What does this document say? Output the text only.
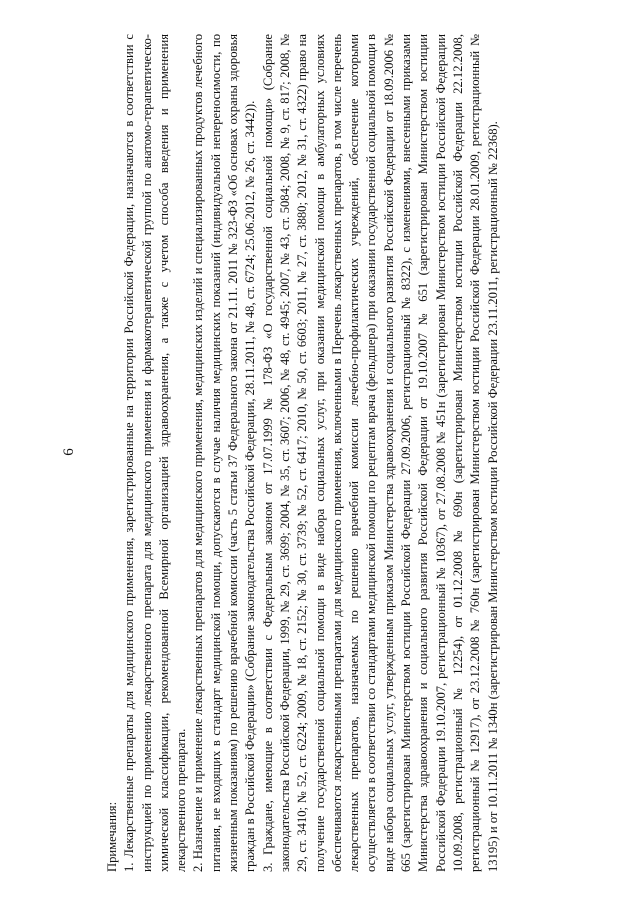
6
Примечания: 1. Лекарственные препараты для медицинского применения, зарегистрированные на территории Российской Федерации, назначаются в соответствии с инструкцией по применению лекарственного препарата для медицинского применения и фармакотерапевтической группой по анатомо-терапевтическо-химической классификации, рекомендованной Всемирной организацией здравоохранения, а также с учетом способа введения и применения лекарственного препарата. 2. Назначение и применение лекарственных препаратов для медицинского применения, медицинских изделий и специализированных продуктов лечебного питания, не входящих в стандарт медицинской помощи, допускаются в случае наличия медицинских показаний (индивидуальной непереносимости, по жизненным показаниям) по решению врачебной комиссии (часть 5 статьи 37 Федерального закона от 21.11. 2011 № 323-ФЗ «Об основах охраны здоровья граждан в Российской Федерации» (Собрание законодательства Российской Федерации, 28.11.2011, № 48, ст. 6724; 25.06.2012, № 26, ст. 3442)). 3. Граждане, имеющие в соответствии с Федеральным законом от 17.07.1999 № 178-ФЗ «О государственной социальной помощи» (Собрание законодательства Российской Федерации, 1999, № 29, ст. 3699; 2004, № 35, ст. 3607; 2006, № 48, ст. 4945; 2007, № 43, ст. 5084; 2008, № 9, ст. 817; 2008, № 29, ст. 3410; № 52, ст. 6224; 2009, № 18, ст. 2152; № 30, ст. 3739; № 52, ст. 6417; 2010, № 50, ст. 6603; 2011, № 27, ст. 3880; 2012, № 31, ст. 4322) право на получение государственной социальной помощи в виде набора социальных услуг, при оказании медицинской помощи в амбулаторных условиях обеспечиваются лекарственными препаратами для медицинского применения, включенными в Перечень лекарственных препаратов, в том числе перечень лекарственных препаратов, назначаемых по решению врачебной комиссии лечебно-профилактических учреждений, обеспечение которыми осуществляется в соответствии со стандартами медицинской помощи по рецептам врача (фельдшера) при оказании государственной социальной помощи в виде набора социальных услуг, утвержденным приказом Министерства здравоохранения и социального развития Российской Федерации от 18.09.2006 № 665 (зарегистрирован Министерством юстиции Российской Федерации 27.09.2006, регистрационный № 8322), с изменениями, внесенными приказами Министерства здравоохранения и социального развития Российской Федерации от 19.10.2007 № 651 (зарегистрирован Министерством юстиции Российской Федерации 19.10.2007, регистрационный № 10367), от 27.08.2008 № 451н (зарегистрирован Министерством юстиции Российской Федерации 10.09.2008, регистрационный № 12254), от 01.12.2008 № 690н (зарегистрирован Министерством юстиции Российской Федерации 22.12.2008, регистрационный № 12917), от 23.12.2008 № 760н (зарегистрирован Министерством юстиции Российской Федерации 28.01.2009, регистрационный № 13195) и от 10.11.2011 № 1340н (зарегистрирован Министерством юстиции Российской Федерации 23.11.2011, регистрационный № 22368).
